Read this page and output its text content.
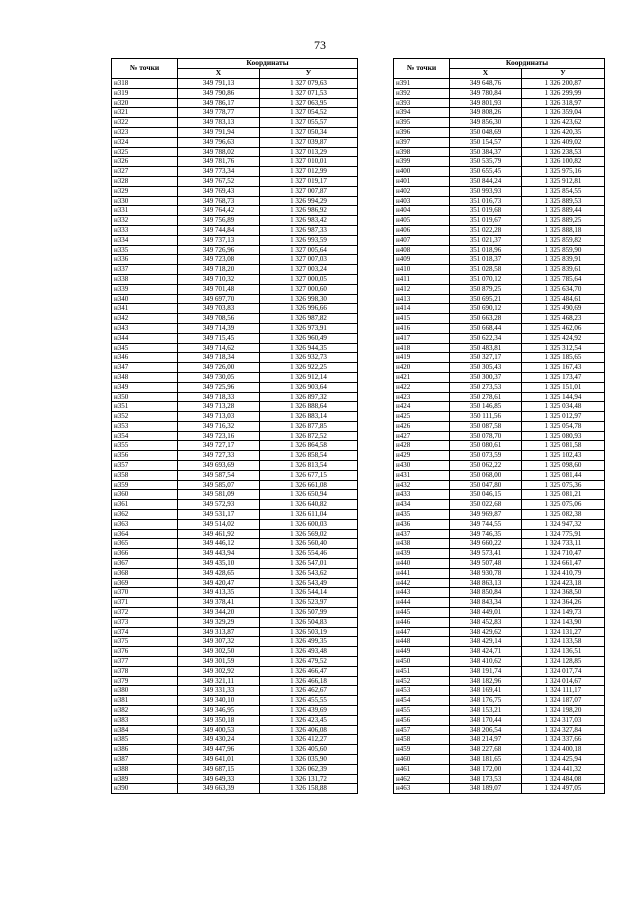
73
№ точки	Координаты	
	X	У
н318	349 791,13	1 327 079,63
н319	349 790,86	1 327 071,53
н320	349 786,17	1 327 063,95
н321	349 778,77	1 327 054,52
н322	349 783,13	1 327 055,57
н323	349 791,94	1 327 050,34
н324	349 796,63	1 327 039,87
н325	349 788,02	1 327 013,29
н326	349 781,76	1 327 010,01
н327	349 773,34	1 327 012,99
н328	349 767,52	1 327 019,17
н329	349 769,43	1 327 007,87
н330	349 768,73	1 326 994,29
н331	349 764,42	1 326 986,92
н332	349 756,89	1 326 983,42
н333	349 744,84	1 326 987,33
н334	349 737,13	1 326 993,59
н335	349 726,96	1 327 005,64
н336	349 723,08	1 327 007,03
н337	349 718,20	1 327 003,24
н338	349 710,32	1 327 000,05
н339	349 701,48	1 327 000,60
н340	349 697,70	1 326 998,30
н341	349 703,83	1 326 996,66
н342	349 708,56	1 326 987,82
н343	349 714,39	1 326 973,91
н344	349 715,45	1 326 960,49
н345	349 714,62	1 326 944,35
н346	349 718,34	1 326 932,73
н347	349 726,00	1 326 922,25
н348	349 730,05	1 326 912,14
н349	349 725,96	1 326 903,64
н350	349 718,33	1 326 897,32
н351	349 713,28	1 326 888,64
н352	349 713,03	1 326 883,14
н353	349 716,32	1 326 877,85
н354	349 723,16	1 326 872,52
н355	349 727,17	1 326 864,58
н356	349 727,33	1 326 858,54
н357	349 693,69	1 326 813,54
н358	349 587,54	1 326 677,15
н359	349 585,07	1 326 661,08
н360	349 581,09	1 326 650,94
н361	349 572,93	1 326 640,82
н362	349 531,17	1 326 611,04
н363	349 514,02	1 326 600,03
н364	349 461,92	1 326 569,02
н365	349 446,12	1 326 560,40
н366	349 443,94	1 326 554,46
н367	349 435,10	1 326 547,01
н368	349 428,65	1 326 543,62
н369	349 420,47	1 326 543,49
н370	349 413,35	1 326 544,14
н371	349 378,41	1 326 523,97
н372	349 344,20	1 326 507,99
н373	349 329,29	1 326 504,83
н374	349 313,87	1 326 503,19
н375	349 307,32	1 326 499,35
н376	349 302,50	1 326 493,48
н377	349 301,59	1 326 479,52
н378	349 302,92	1 326 466,47
н379	349 321,11	1 326 466,18
н380	349 331,33	1 326 462,67
н381	349 340,10	1 326 455,55
н382	349 346,95	1 326 439,69
н383	349 350,18	1 326 423,45
н384	349 400,53	1 326 406,08
н385	349 430,24	1 326 412,27
н386	349 447,96	1 326 405,60
н387	349 641,01	1 326 035,90
н388	349 687,15	1 326 062,39
н389	349 649,33	1 326 131,72
н390	349 663,39	1 326 158,88
№ точки	Координаты	
	X	У
н391	349 648,76	1 326 200,87
н392	349 780,84	1 326 299,99
н393	349 801,93	1 326 318,97
н394	349 808,26	1 326 359,04
н395	349 856,30	1 326 423,62
н396	350 048,69	1 326 420,35
н397	350 154,57	1 326 409,02
н398	350 384,37	1 326 238,53
н399	350 535,79	1 326 100,82
н400	350 655,45	1 325 975,16
н401	350 844,24	1 325 912,81
н402	350 993,93	1 325 854,55
н403	351 016,73	1 325 889,53
н404	351 019,68	1 325 889,44
н405	351 019,67	1 325 889,25
н406	351 022,28	1 325 888,18
н407	351 021,37	1 325 859,82
н408	351 018,96	1 325 859,90
н409	351 018,37	1 325 839,91
н410	351 028,58	1 325 839,61
н411	351 070,12	1 325 785,64
н412	350 879,25	1 325 634,70
н413	350 695,21	1 325 484,61
н414	350 690,12	1 325 490,69
н415	350 663,28	1 325 468,23
н416	350 668,44	1 325 462,06
н417	350 622,34	1 325 424,92
н418	350 483,81	1 325 312,54
н419	350 327,17	1 325 185,65
н420	350 305,43	1 325 167,43
н421	350 300,37	1 325 173,47
н422	350 273,53	1 325 151,01
н423	350 278,61	1 325 144,94
н424	350 146,85	1 325 034,48
н425	350 111,56	1 325 012,97
н426	350 087,58	1 325 054,78
н427	350 078,70	1 325 080,93
н428	350 080,61	1 325 081,58
н429	350 073,59	1 325 102,43
н430	350 062,22	1 325 098,60
н431	350 068,00	1 325 081,44
н432	350 047,80	1 325 075,36
н433	350 046,15	1 325 081,21
н434	350 022,68	1 325 075,06
н435	349 969,87	1 325 082,38
н436	349 744,55	1 324 947,32
н437	349 746,35	1 324 775,91
н438	349 660,22	1 324 733,11
н439	349 573,41	1 324 710,47
н440	349 507,48	1 324 661,47
н441	348 930,78	1 324 410,79
н442	348 863,13	1 324 423,18
н443	348 850,84	1 324 368,50
н444	348 843,34	1 324 364,26
н445	348 449,01	1 324 149,73
н446	348 452,83	1 324 143,90
н447	348 429,62	1 324 131,27
н448	348 429,14	1 324 133,58
н449	348 424,71	1 324 136,51
н450	348 410,62	1 324 128,85
н451	348 191,74	1 324 017,74
н452	348 182,96	1 324 014,67
н453	348 169,41	1 324 111,17
н454	348 176,75	1 324 187,07
н455	348 153,21	1 324 198,20
н456	348 170,44	1 324 317,03
н457	348 206,54	1 324 327,84
н458	348 214,97	1 324 337,66
н459	348 227,68	1 324 400,18
н460	348 181,65	1 324 425,94
н461	348 172,00	1 324 441,32
н462	348 173,53	1 324 484,08
н463	348 189,07	1 324 497,05
